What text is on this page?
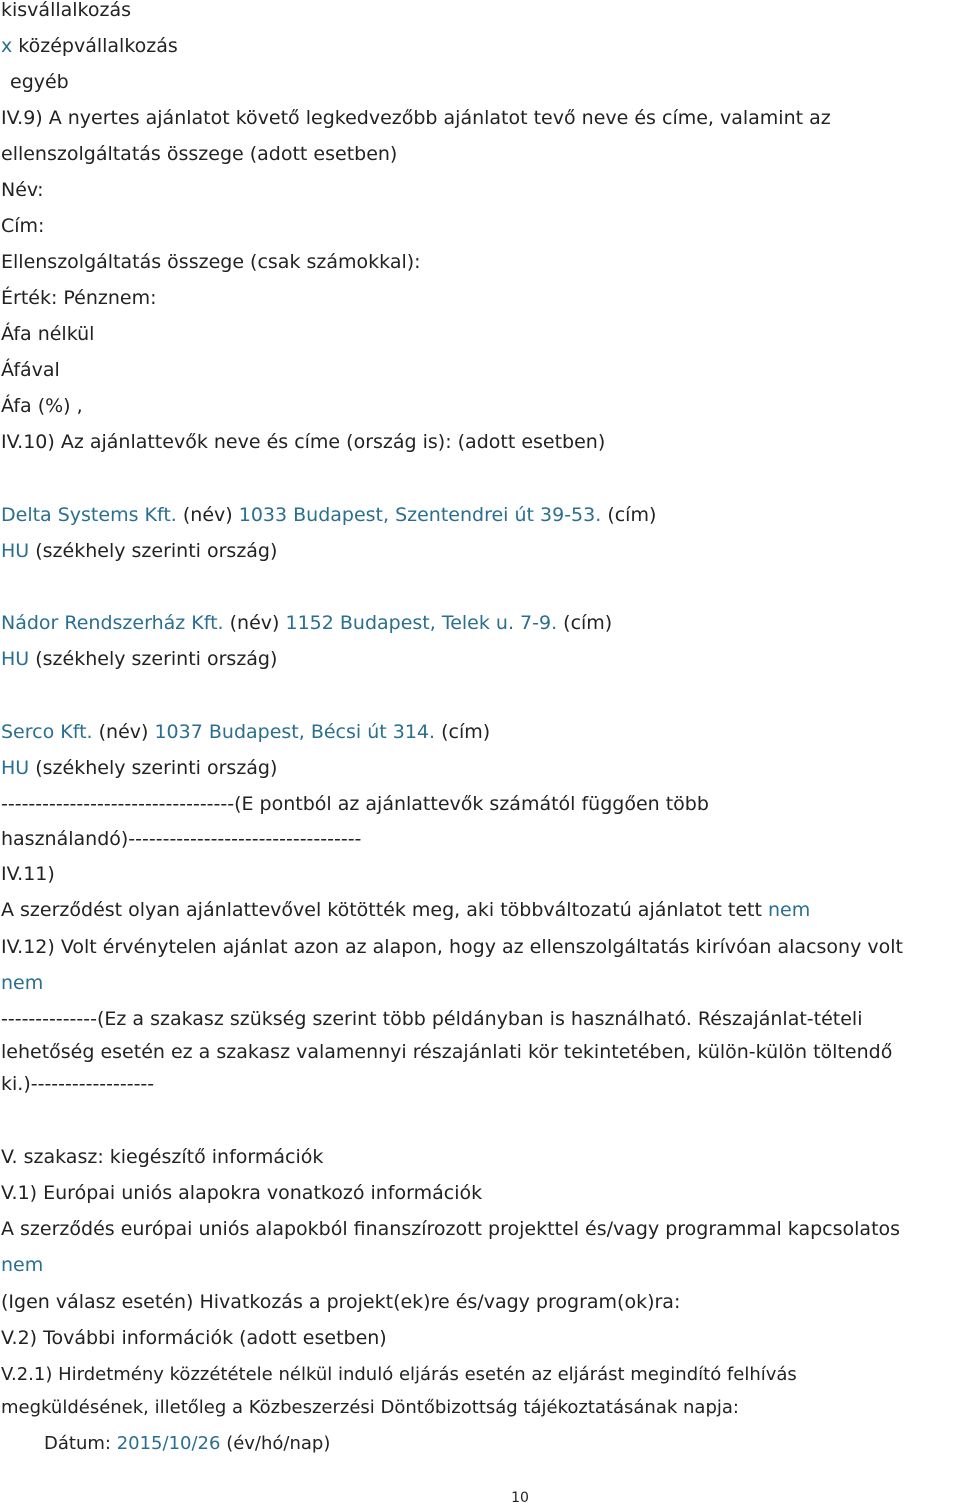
kisvállalkozás
x középvállalkozás
egyéb
IV.9) A nyertes ajánlatot követő legkedvezőbb ajánlatot tevő neve és címe, valamint az
ellenszolgáltatás összege (adott esetben)
Név:
Cím:
Ellenszolgáltatás összege (csak számokkal):
Érték: Pénznem:
Áfa nélkül
Áfával
Áfa (%) ,
IV.10) Az ajánlattevők neve és címe (ország is): (adott esetben)
Delta Systems Kft. (név) 1033 Budapest, Szentendrei út 39-53. (cím)
HU (székhely szerinti ország)
Nádor Rendszerház Kft. (név) 1152 Budapest, Telek u. 7-9. (cím)
HU (székhely szerinti ország)
Serco Kft. (név) 1037 Budapest, Bécsi út 314. (cím)
HU (székhely szerinti ország)
----------------------------------(E pontból az ajánlattevők számától függően több
használandó)----------------------------------
IV.11)
A szerződést olyan ajánlattevővel kötötték meg, aki többváltozatú ajánlatot tett nem
IV.12) Volt érvénytelen ajánlat azon az alapon, hogy az ellenszolgáltatás kirívóan alacsony volt
nem
--------------(Ez a szakasz szükség szerint több példányban is használható. Részajánlat-tételi
lehetőség esetén ez a szakasz valamennyi részajánlati kör tekintetében, külön-külön töltendő
ki.)------------------
V. szakasz: kiegészítő információk
V.1) Európai uniós alapokra vonatkozó információk
A szerződés európai uniós alapokból finanszírozott projekttel és/vagy programmal kapcsolatos
nem
(Igen válasz esetén) Hivatkozás a projekt(ek)re és/vagy program(ok)ra:
V.2) További információk (adott esetben)
V.2.1) Hirdetmény közzététele nélkül induló eljárás esetén az eljárást megindító felhívás
megküldésének, illetőleg a Közbeszerzési Döntőbizottság tájékoztatásának napja:
Dátum: 2015/10/26 (év/hó/nap)
10
